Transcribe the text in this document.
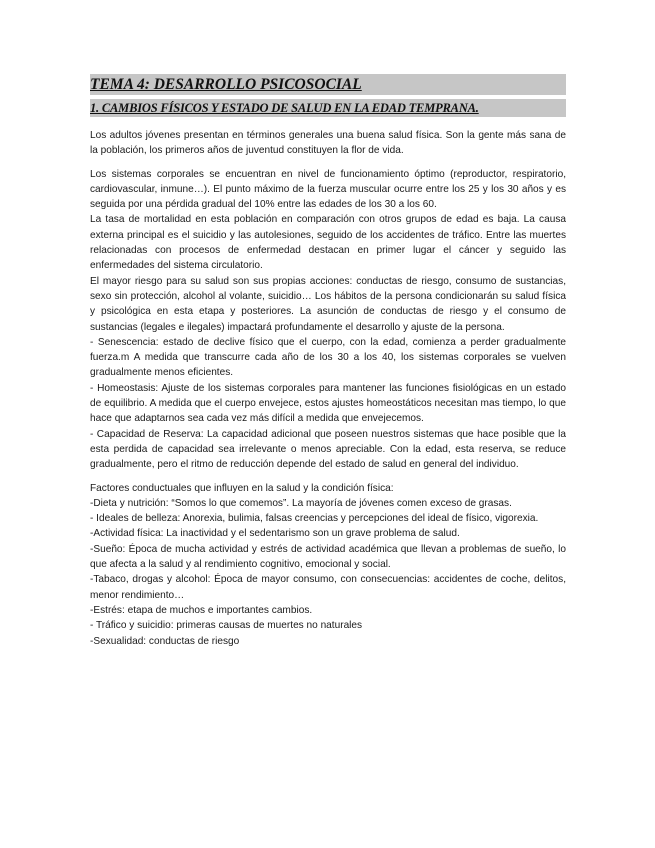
TEMA 4: DESARROLLO PSICOSOCIAL
1. CAMBIOS FÍSICOS Y ESTADO DE SALUD EN LA EDAD TEMPRANA.

Los adultos jóvenes presentan en términos generales una buena salud física. Son la gente más sana de la población, los primeros años de juventud constituyen la flor de vida.

Los sistemas corporales se encuentran en nivel de funcionamiento óptimo (reproductor, respiratorio, cardiovascular, inmune…). El punto máximo de la fuerza muscular ocurre entre los 25 y los 30 años y es seguida por una pérdida gradual del 10% entre las edades de los 30 a los 60.

La tasa de mortalidad en esta población en comparación con otros grupos de edad es baja. La causa externa principal es el suicidio y las autolesiones, seguido de los accidentes de tráfico. Entre las muertes relacionadas con procesos de enfermedad destacan en primer lugar el cáncer y seguido las enfermedades del sistema circulatorio.

El mayor riesgo para su salud son sus propias acciones: conductas de riesgo, consumo de sustancias, sexo sin protección, alcohol al volante, suicidio… Los hábitos de la persona condicionarán su salud física y psicológica en esta etapa y posteriores. La asunción de conductas de riesgo y el consumo de sustancias (legales e ilegales) impactará profundamente el desarrollo y ajuste de la persona.

- Senescencia: estado de declive físico que el cuerpo, con la edad, comienza a perder gradualmente fuerza.m A medida que transcurre cada año de los 30 a los 40, los sistemas corporales se vuelven gradualmente menos eficientes.

- Homeostasis: Ajuste de los sistemas corporales para mantener las funciones fisiológicas en un estado de equilibrio. A medida que el cuerpo envejece, estos ajustes homeostáticos necesitan mas tiempo, lo que hace que adaptarnos sea cada vez más difícil a medida que envejecemos.

- Capacidad de Reserva: La capacidad adicional que poseen nuestros sistemas que hace posible que la esta perdida de capacidad sea irrelevante o menos apreciable. Con la edad, esta reserva, se reduce gradualmente, pero el ritmo de reducción depende del estado de salud en general del individuo.

Factores conductuales que influyen en la salud y la condición física:

-Dieta y nutrición: “Somos lo que comemos”. La mayoría de jóvenes comen exceso de grasas.

- Ideales de belleza: Anorexia, bulimia, falsas creencias y percepciones del ideal de físico, vigorexia.

-Actividad física: La inactividad y el sedentarismo son un grave problema de salud.

-Sueño: Época de mucha actividad y estrés de actividad académica que llevan a problemas de sueño, lo que afecta a la salud y al rendimiento cognitivo, emocional y social.

-Tabaco, drogas y alcohol: Época de mayor consumo, con consecuencias: accidentes de coche, delitos, menor rendimiento…

-Estrés: etapa de muchos e importantes cambios.

- Tráfico y suicidio: primeras causas de muertes no naturales

-Sexualidad: conductas de riesgo
